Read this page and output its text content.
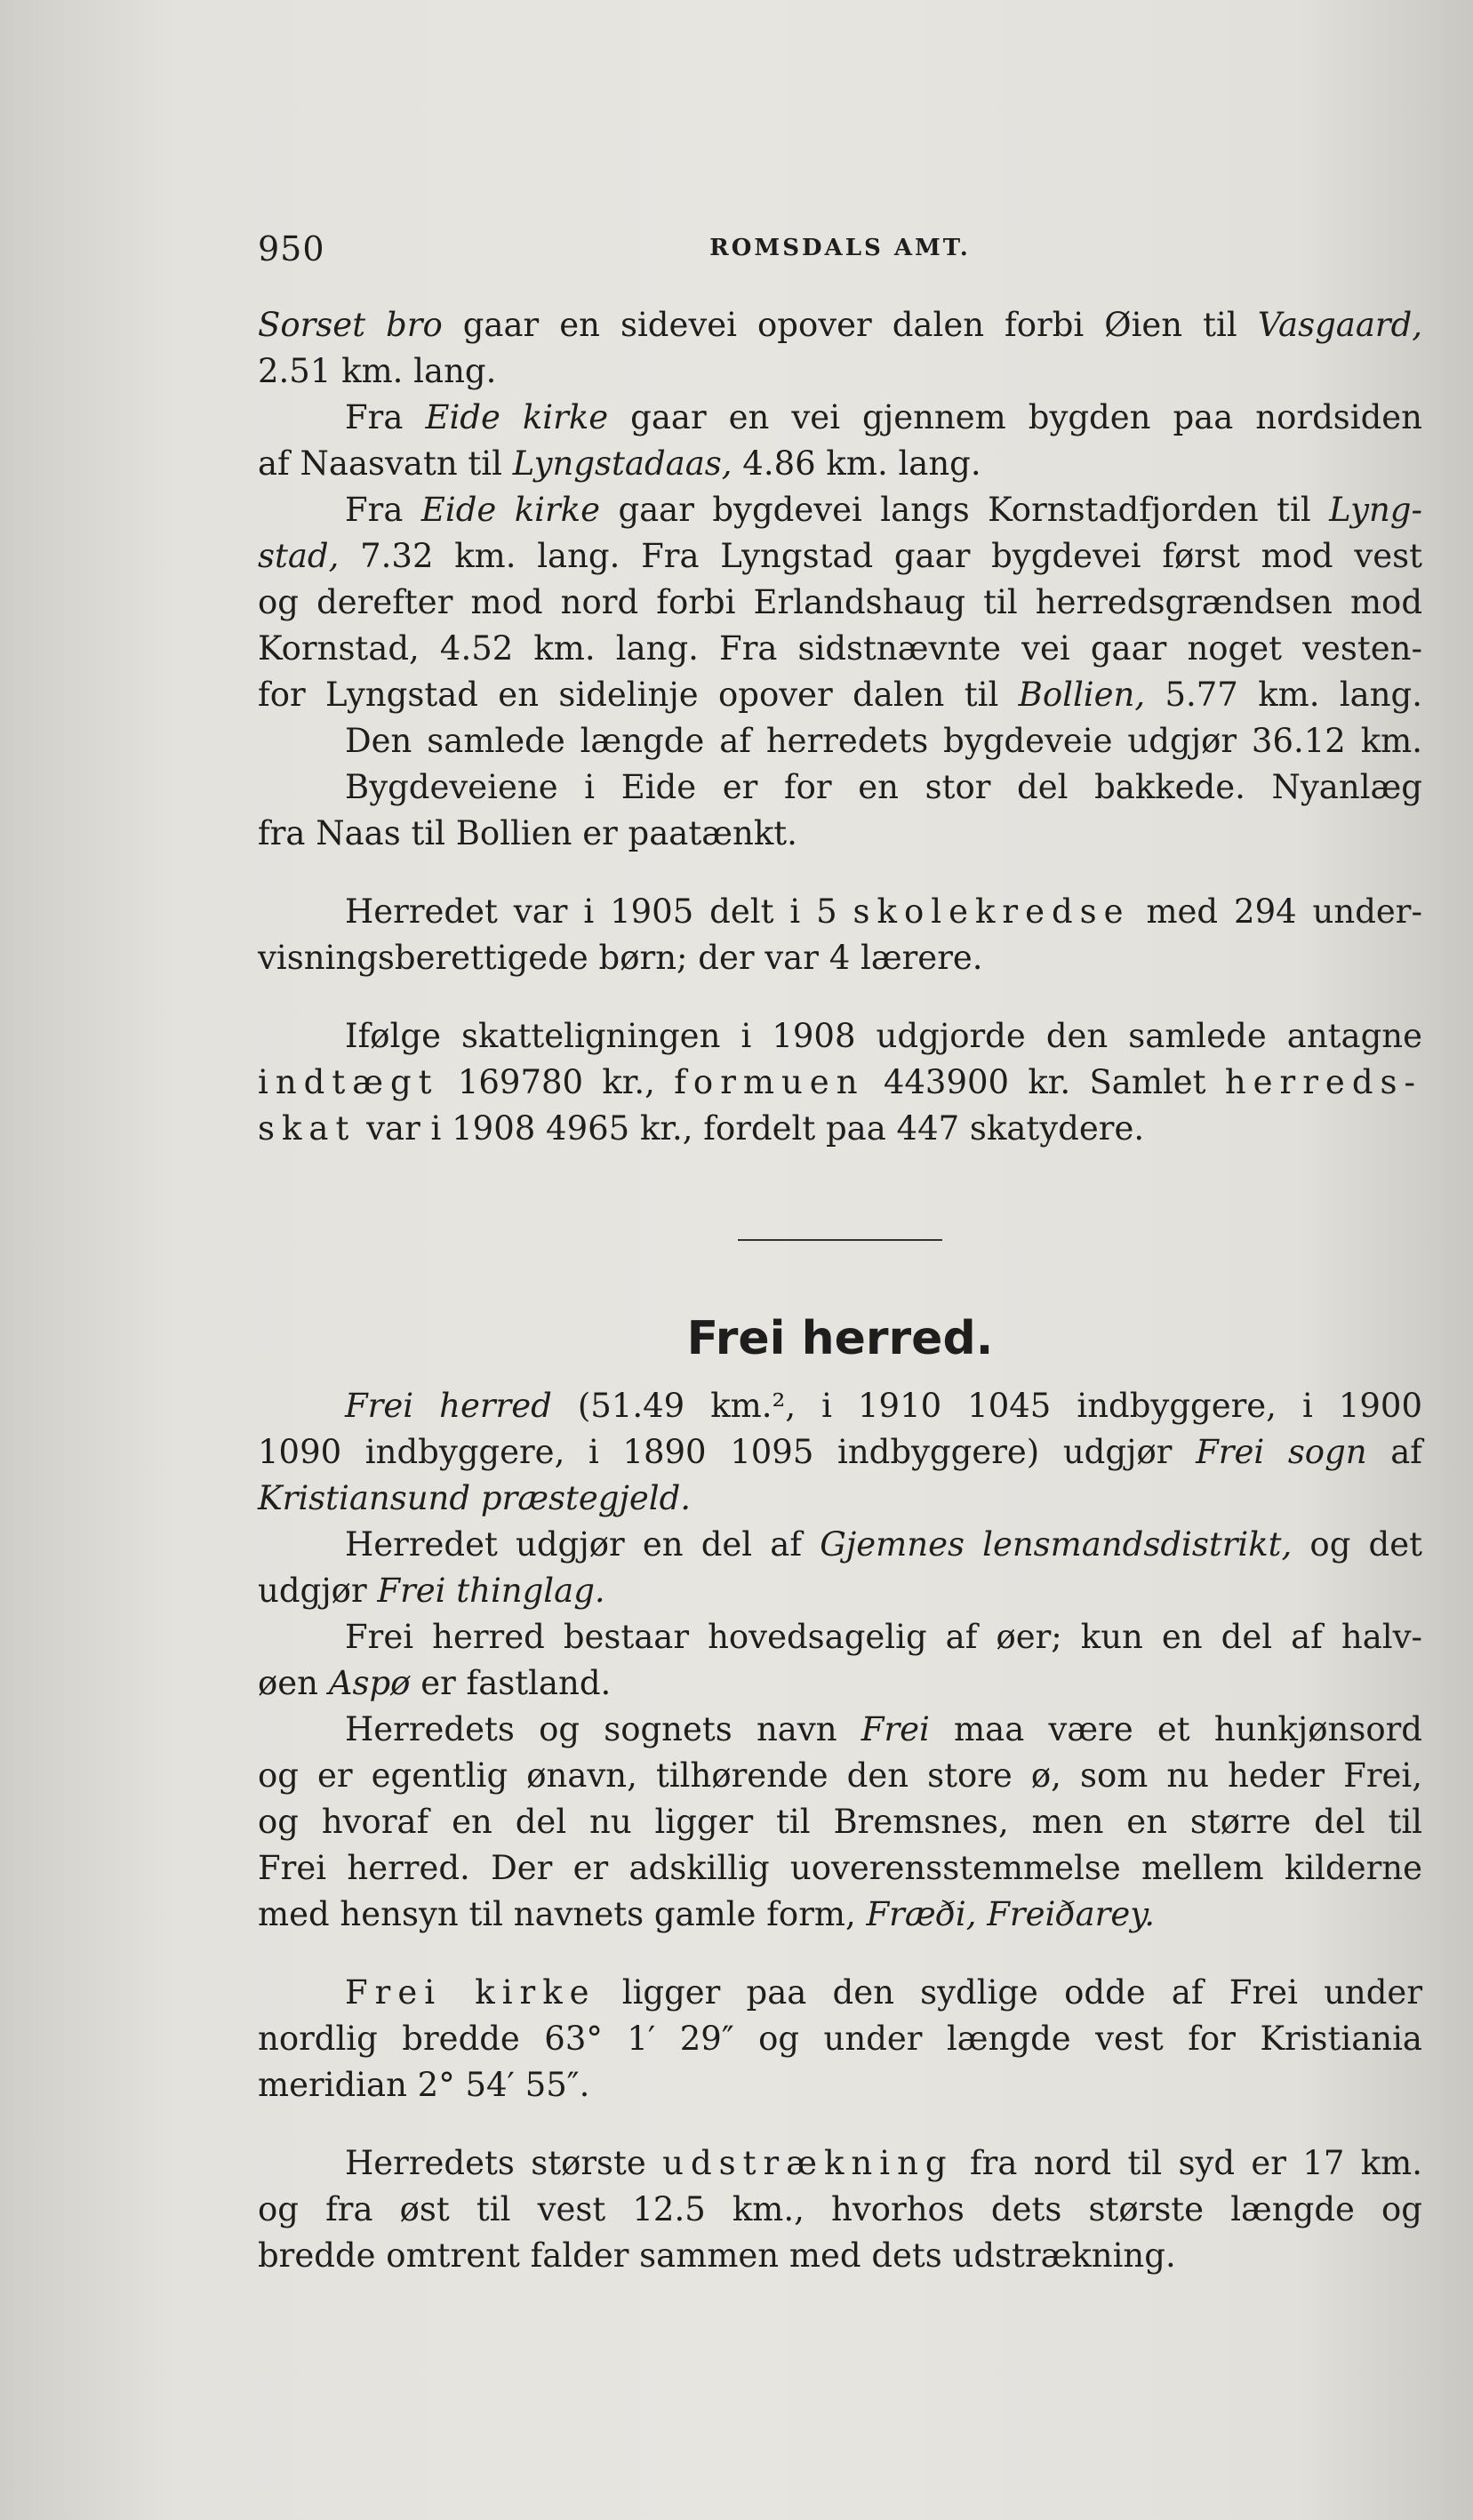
950	ROMSDALS AMT.
Sorset bro gaar en sidevei opover dalen forbi Øien til Vasgaard,
2.51 km. lang.
Fra Eide kirke gaar en vei gjennem bygden paa nordsiden
af Naasvatn til Lyngstadaas, 4.86 km. lang.
Fra Eide kirke gaar bygdevei langs Kornstadfjorden til Lyng-
stad, 7.32 km. lang. Fra Lyngstad gaar bygdevei først mod vest
og derefter mod nord forbi Erlandshaug til herredsgrændsen mod
Kornstad, 4.52 km. lang. Fra sidstnævnte vei gaar noget vesten-
for Lyngstad en sidelinje opover dalen til Bollien, 5.77 km. lang.
Den samlede længde af herredets bygdeveie udgjør 36.12 km.
Bygdeveiene i Eide er for en stor del bakkede. Nyanlæg
fra Naas til Bollien er paatænkt.
Herredet var i 1905 delt i 5 skolekredse med 294 under-
visningsberettigede børn; der var 4 lærere.
Ifølge skatteligningen i 1908 udgjorde den samlede antagne
indtægt 169780 kr., formuen 443900 kr. Samlet herreds-
skat var i 1908 4965 kr., fordelt paa 447 skatydere.
Frei herred.
Frei herred (51.49 km.², i 1910 1045 indbyggere, i 1900
1090 indbyggere, i 1890 1095 indbyggere) udgjør Frei sogn af
Kristiansund præstegjeld.
Herredet udgjør en del af Gjemnes lensmandsdistrikt, og det
udgjør Frei thinglag.
Frei herred bestaar hovedsagelig af øer; kun en del af halv-
øen Aspø er fastland.
Herredets og sognets navn Frei maa være et hunkjønsord
og er egentlig ønavn, tilhørende den store ø, som nu heder Frei,
og hvoraf en del nu ligger til Bremsnes, men en større del til
Frei herred. Der er adskillig uoverensstemmelse mellem kilderne
med hensyn til navnets gamle form, Fræði, Freiðarey.
Frei kirke ligger paa den sydlige odde af Frei under
nordlig bredde 63° 1′ 29″ og under længde vest for Kristiania
meridian 2° 54′ 55″.
Herredets største udstrækning fra nord til syd er 17 km.
og fra øst til vest 12.5 km., hvorhos dets største længde og
bredde omtrent falder sammen med dets udstrækning.
